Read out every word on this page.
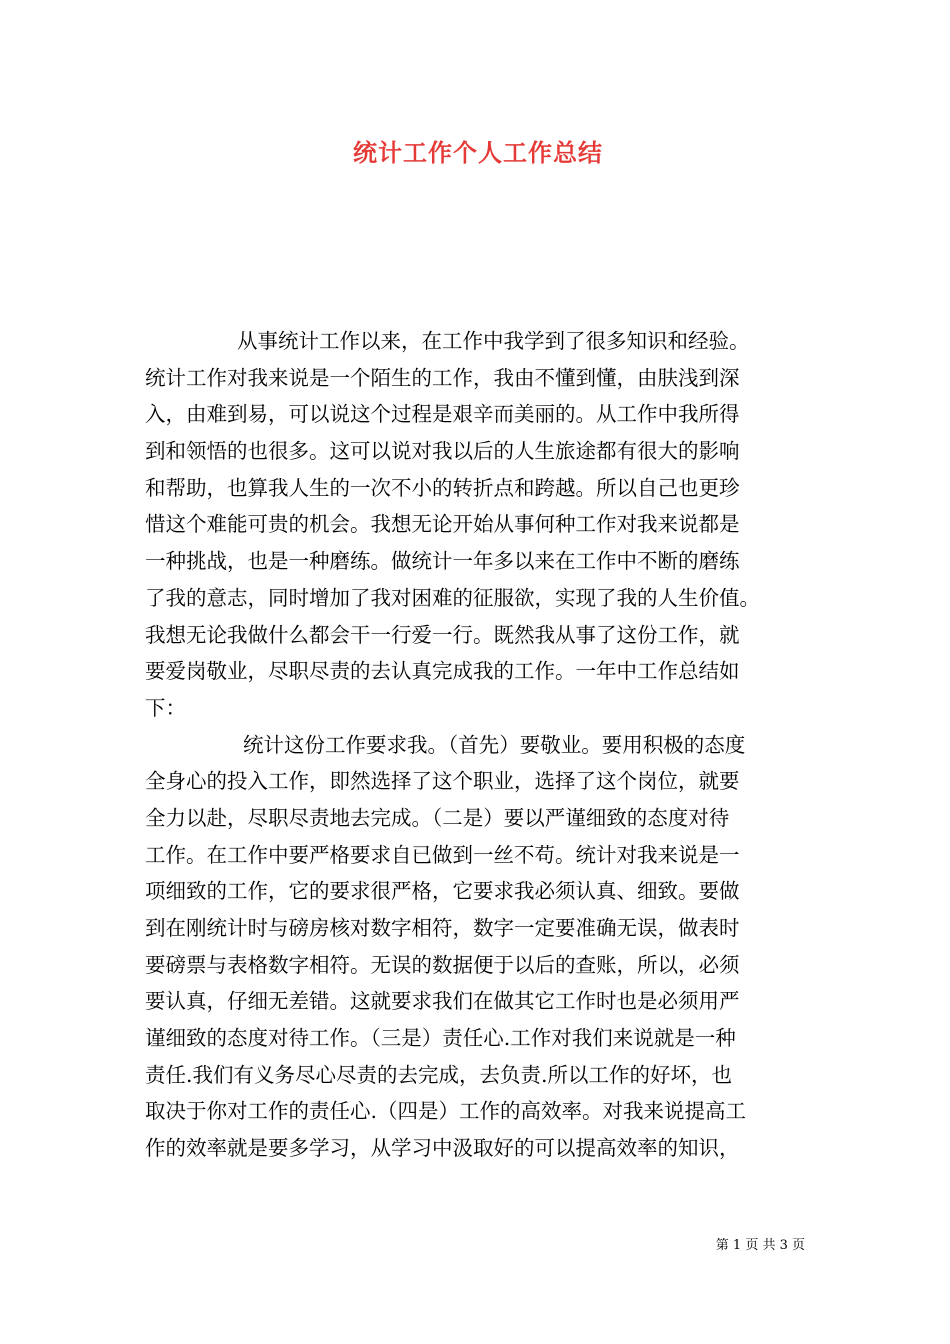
统计工作个人工作总结
从事统计工作以来，在工作中我学到了很多知识和经验。
统计工作对我来说是一个陌生的工作，我由不懂到懂，由肤浅到深
入，由难到易，可以说这个过程是艰辛而美丽的。从工作中我所得
到和领悟的也很多。这可以说对我以后的人生旅途都有很大的影响
和帮助，也算我人生的一次不小的转折点和跨越。所以自己也更珍
惜这个难能可贵的机会。我想无论开始从事何种工作对我来说都是
一种挑战，也是一种磨练。做统计一年多以来在工作中不断的磨练
了我的意志，同时增加了我对困难的征服欲，实现了我的人生价值。
我想无论我做什么都会干一行爱一行。既然我从事了这份工作，就
要爱岗敬业，尽职尽责的去认真完成我的工作。一年中工作总结如
下：
统计这份工作要求我。（首先）要敬业。要用积极的态度
全身心的投入工作，即然选择了这个职业，选择了这个岗位，就要
全力以赴，尽职尽责地去完成。（二是）要以严谨细致的态度对待
工作。在工作中要严格要求自已做到一丝不苟。统计对我来说是一
项细致的工作，它的要求很严格，它要求我必须认真、细致。要做
到在刚统计时与磅房核对数字相符，数字一定要准确无误，做表时
要磅票与表格数字相符。无误的数据便于以后的查账，所以，必须
要认真，仔细无差错。这就要求我们在做其它工作时也是必须用严
谨细致的态度对待工作。（三是）责任心.工作对我们来说就是一种
责任.我们有义务尽心尽责的去完成，去负责.所以工作的好坏，也
取决于你对工作的责任心.（四是）工作的高效率。对我来说提高工
作的效率就是要多学习，从学习中汲取好的可以提高效率的知识，
第 1 页 共 3 页
